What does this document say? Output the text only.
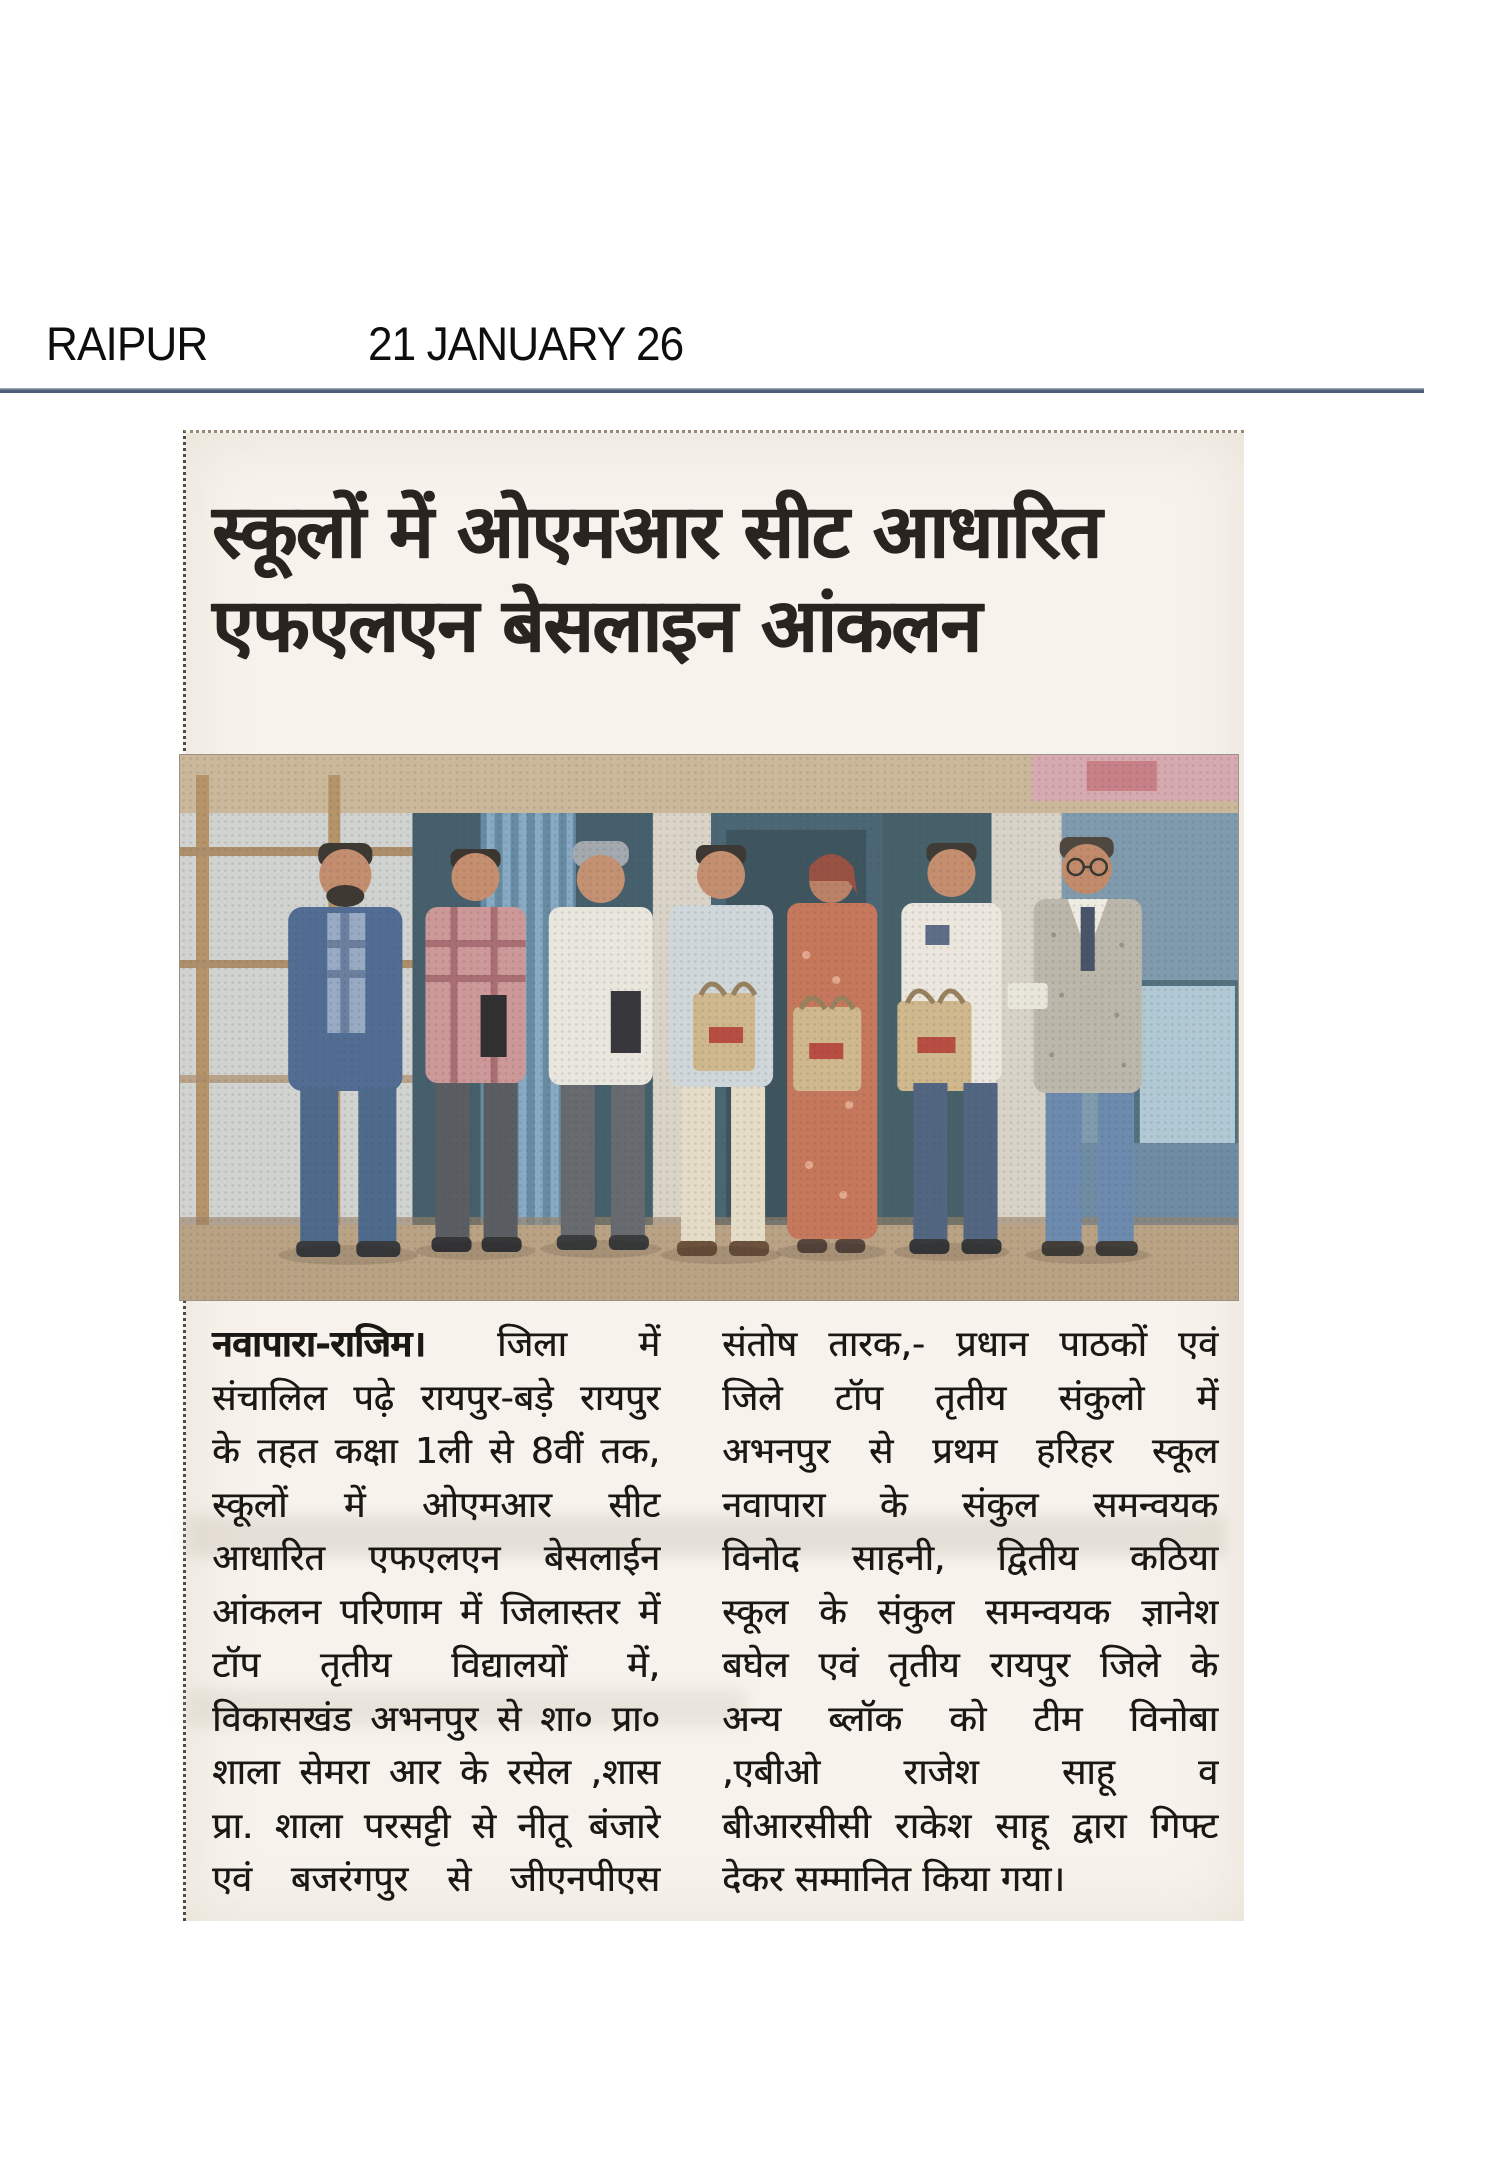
RAIPUR	21 JANUARY 26
स्कूलों में ओएमआर सीट आधारित
एफएलएन बेसलाइन आंकलन
नवापारा-राजिम। जिला में
संचालिल पढ़े रायपुर-बड़े रायपुर
के तहत कक्षा 1ली से 8वीं तक,
स्कूलों में ओएमआर सीट
आधारित एफएलएन बेसलाईन
आंकलन परिणाम में जिलास्तर में
टॉप तृतीय विद्यालयों में,
विकासखंड अभनपुर से शा० प्रा०
शाला सेमरा आर के रसेल ,शास
प्रा. शाला परसट्टी से नीतू बंजारे
एवं बजरंगपुर से जीएनपीएस
संतोष तारक,- प्रधान पाठकों एवं
जिले टॉप तृतीय संकुलो में
अभनपुर से प्रथम हरिहर स्कूल
नवापारा के संकुल समन्वयक
विनोद साहनी, द्वितीय कठिया
स्कूल के संकुल समन्वयक ज्ञानेश
बघेल एवं तृतीय रायपुर जिले के
अन्य ब्लॉक को टीम विनोबा
,एबीओ राजेश साहू व
बीआरसीसी राकेश साहू द्वारा गिफ्ट
देकर सम्मानित किया गया।
